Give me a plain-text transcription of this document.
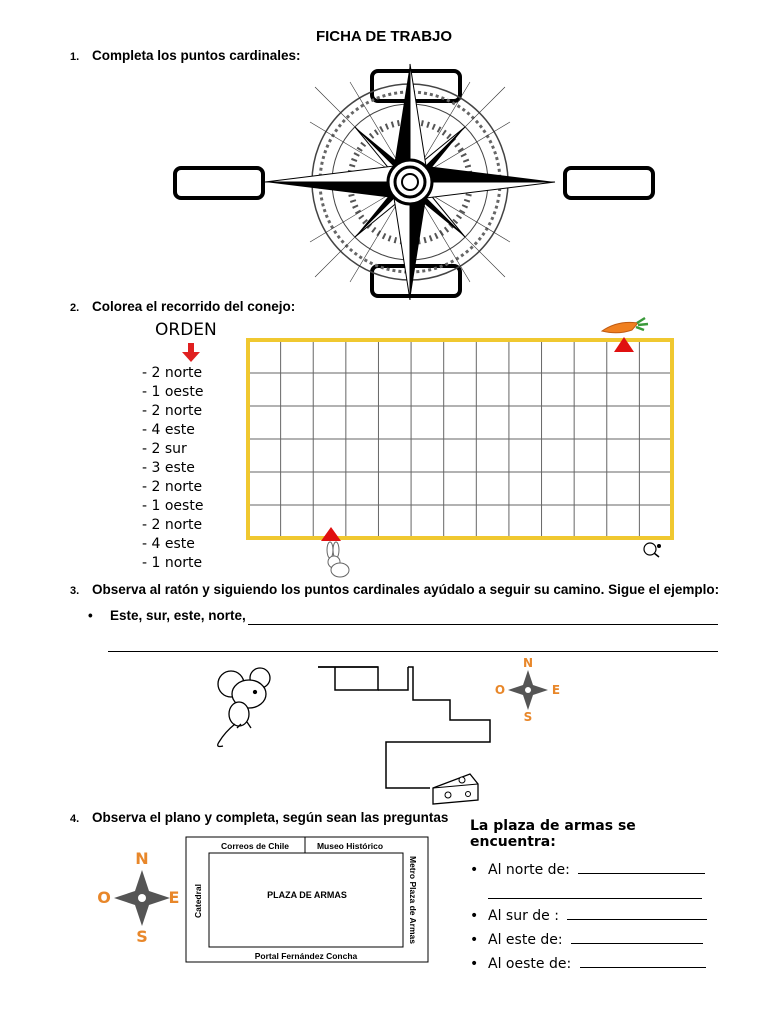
FICHA DE TRABJO
1. Completa los puntos cardinales:
2. Colorea el recorrido del conejo:
ORDEN
- 2 norte
- 1 oeste
- 2 norte
- 4 este
- 2 sur
- 3 este
- 2 norte
- 1 oeste
- 2 norte
- 4 este
- 1 norte
3. Observa al ratón y siguiendo los puntos cardinales ayúdalo a seguir su camino. Sigue el ejemplo:
• Este, sur, este, norte,
N
S
O	E
4. Observa el plano y completa, según sean las preguntas
N
S
O	E
Correos de Chile	Museo Histórico
PLAZA DE ARMAS
Portal Fernández Concha
Catedral	Metro Plaza de Armas
La plaza de armas se encuentra:
• Al norte de:
• Al sur de :
• Al este de:
• Al oeste de:
